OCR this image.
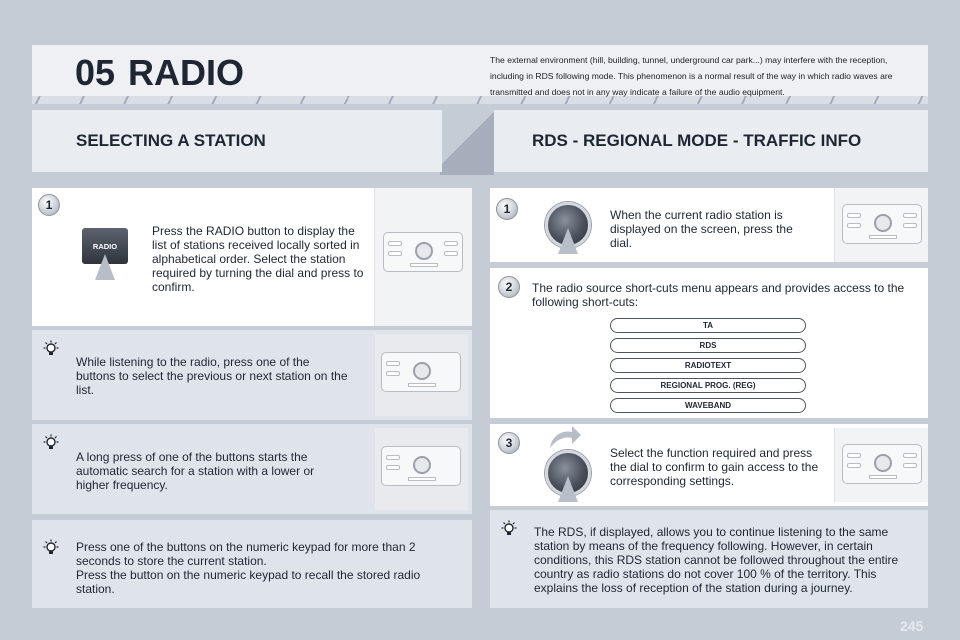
05 RADIO	The external environment (hill, building, tunnel, underground car park...) may interfere with the reception, including in RDS following mode. This phenomenon is a normal result of the way in which radio waves are transmitted and does not in any way indicate a failure of the audio equipment.
SELECTING A STATION	RDS - REGIONAL MODE - TRAFFIC INFO
1
RADIO
Press the RADIO button to display the list of stations received locally sorted in alphabetical order. Select the station required by turning the dial and press to confirm.
While listening to the radio, press one of the buttons to select the previous or next station on the list.
A long press of one of the buttons starts the automatic search for a station with a lower or higher frequency.
Press one of the buttons on the numeric keypad for more than 2 seconds to store the current station.
Press the button on the numeric keypad to recall the stored radio station.
1	When the current radio station is displayed on the screen, press the dial.
2	The radio source short-cuts menu appears and provides access to the following short-cuts:
TA
RDS
RADIOTEXT
REGIONAL PROG. (REG)
WAVEBAND
3
Select the function required and press the dial to confirm to gain access to the corresponding settings.
The RDS, if displayed, allows you to continue listening to the same station by means of the frequency following. However, in certain conditions, this RDS station cannot be followed throughout the entire country as radio stations do not cover 100 % of the territory. This explains the loss of reception of the station during a journey.
245
